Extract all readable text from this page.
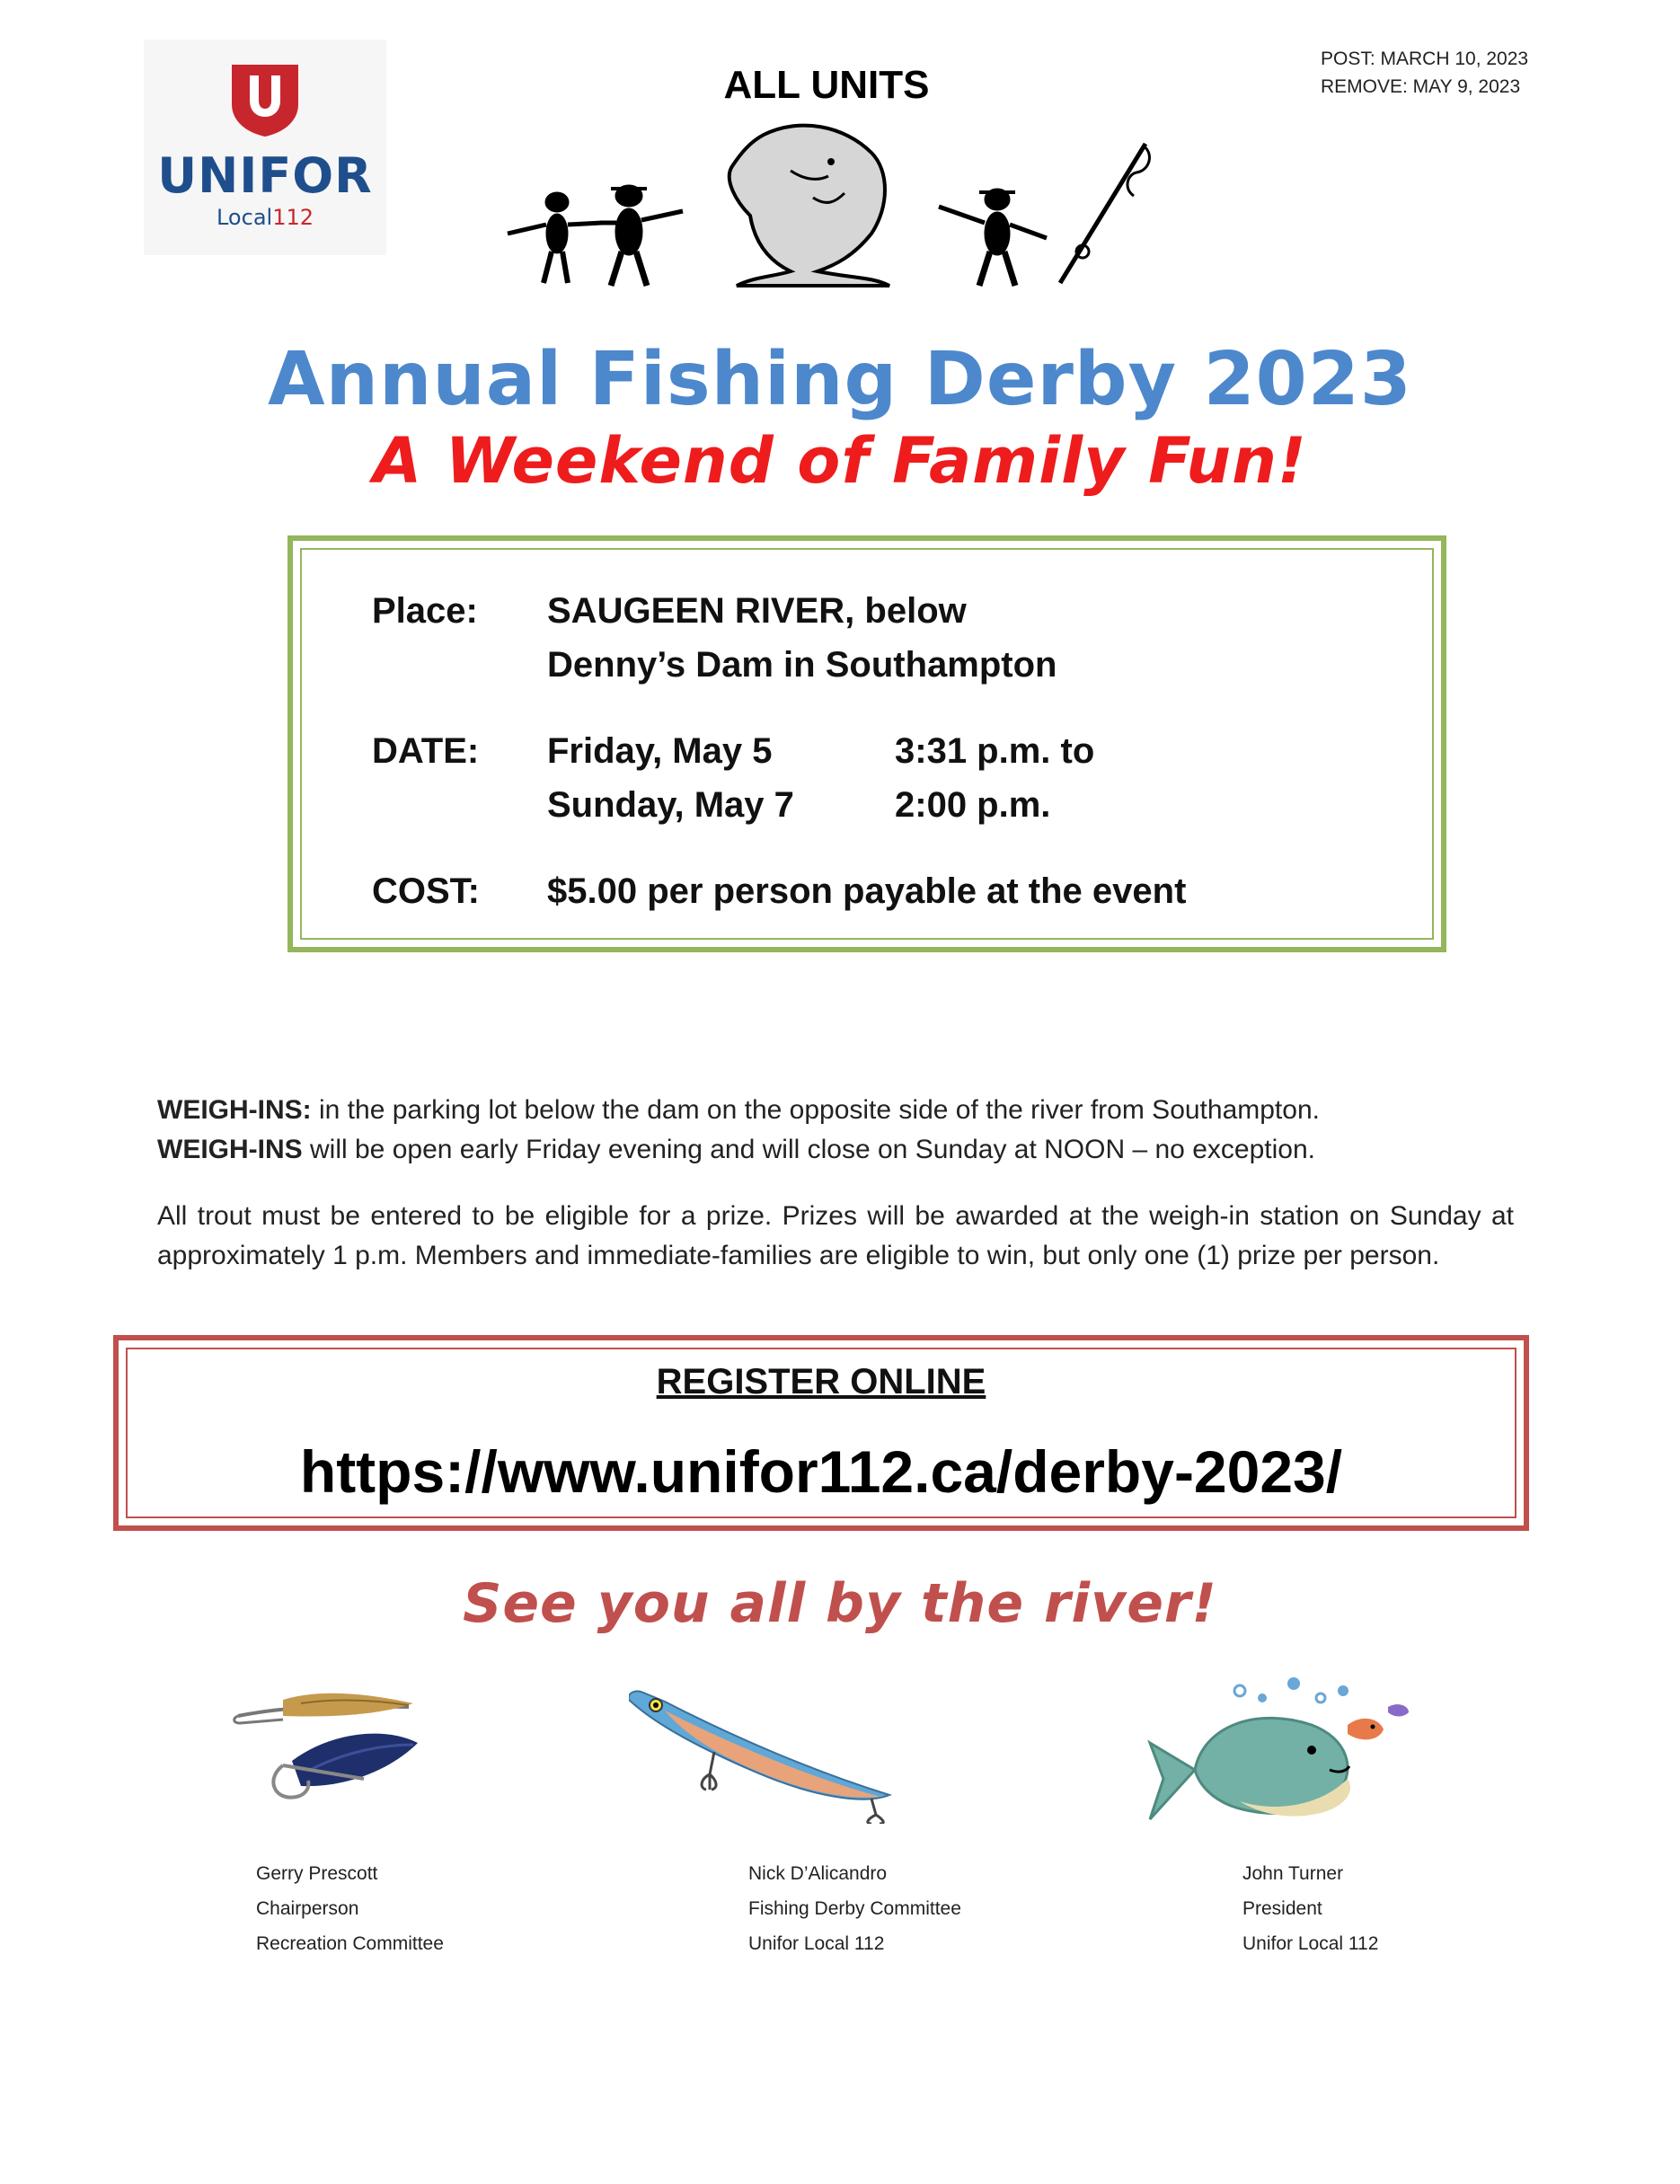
UNIFOR
Local112
POST: MARCH 10, 2023
REMOVE: MAY 9, 2023
ALL UNITS
Annual Fishing Derby 2023
A Weekend of Family Fun!
Place: SAUGEEN RIVER, below
Denny’s Dam in Southampton
DATE: Friday, May 5	3:31 p.m. to
Sunday, May 7	2:00 p.m.
COST: $5.00 per person payable at the event
WEIGH-INS: in the parking lot below the dam on the opposite side of the river from Southampton.
WEIGH-INS will be open early Friday evening and will close on Sunday at NOON – no exception.
All trout must be entered to be eligible for a prize. Prizes will be awarded at the weigh-in station on Sunday at approximately 1 p.m. Members and immediate-families are eligible to win, but only one (1) prize per person.
REGISTER ONLINE
https://www.unifor112.ca/derby-2023/
See you all by the river!
Gerry Prescott
Chairperson
Recreation Committee
Nick D’Alicandro
Fishing Derby Committee
Unifor Local 112
John Turner
President
Unifor Local 112
